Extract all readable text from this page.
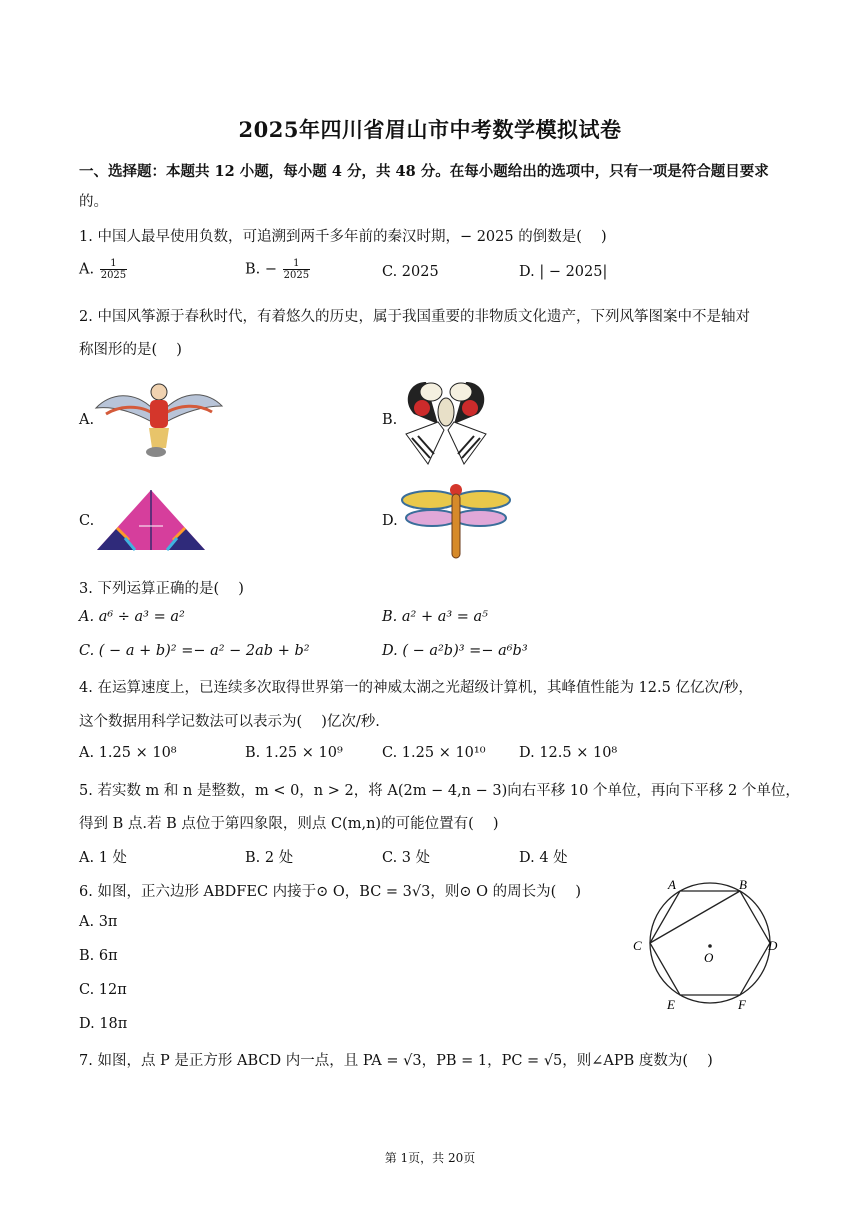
2025年四川省眉山市中考数学模拟试卷
一、选择题：本题共 12 小题，每小题 4 分，共 48 分。在每小题给出的选项中，只有一项是符合题目要求
的。
1. 中国人最早使用负数，可追溯到两千多年前的秦汉时期，− 2025 的倒数是(　 )
A. $\frac{1}{2025}$	B. − $\frac{1}{2025}$	C. 2025	D. | − 2025|
2. 中国风筝源于春秋时代，有着悠久的历史，属于我国重要的非物质文化遗产，下列风筝图案中不是轴对
称图形的是(　 )
A.	B.
C.	D.
3. 下列运算正确的是(　 )
A. a⁶ ÷ a³ = a²	B. a² + a³ = a⁵
C. ( − a + b)² =− a² − 2ab + b²	D. ( − a²b)³ =− a⁶b³
4. 在运算速度上，已连续多次取得世界第一的神威太湖之光超级计算机，其峰值性能为 12.5 亿亿次/秒，
这个数据用科学记数法可以表示为(　 )亿次/秒.
A. 1.25 × 10⁸	B. 1.25 × 10⁹	C. 1.25 × 10¹⁰ D. 12.5 × 10⁸
5. 若实数 m 和 n 是整数，m < 0，n > 2，将 A(2m − 4,n − 3)向右平移 10 个单位，再向下平移 2 个单位，
得到 B 点.若 B 点位于第四象限，则点 C(m,n)的可能位置有(　 )
A. 1 处	B. 2 处	C. 3 处	D. 4 处
6. 如图，正六边形 ABDFEC 内接于⊙ O，BC = 3√3，则⊙ O 的周长为(　 )
A. 3π
B. 6π
C. 12π
D. 18π
A	B
C	D
E	F
O
7. 如图，点 P 是正方形 ABCD 内一点，且 PA = √3，PB = 1，PC = √5，则∠APB 度数为(　 )
第 1页，共 20页
